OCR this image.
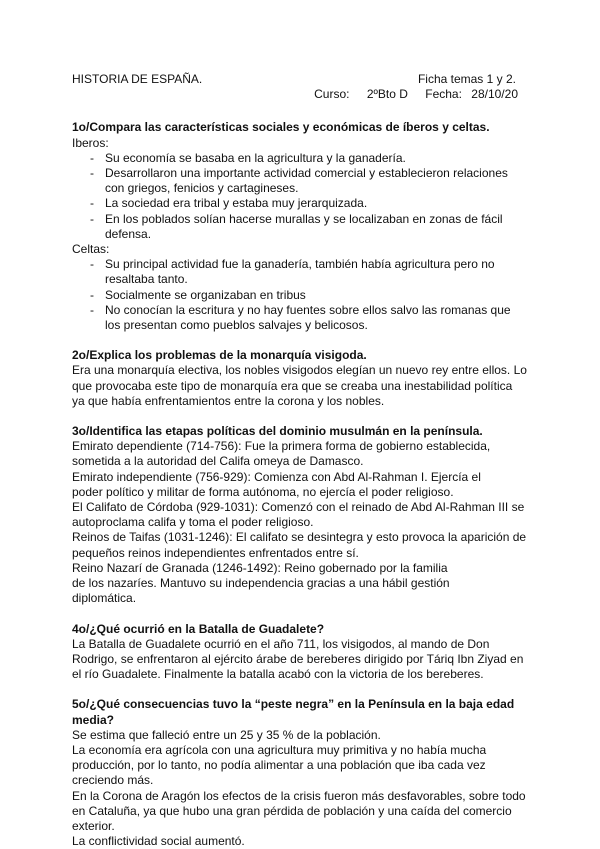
HISTORIA DE ESPAÑA.	Ficha temas 1 y 2.
Curso: 2ºBto D Fecha: 28/10/20
1o/Compara las características sociales y económicas de íberos y celtas.
Iberos:
- Su economía se basaba en la agricultura y la ganadería.
- Desarrollaron una importante actividad comercial y establecieron relaciones con griegos, fenicios y cartagineses.
- La sociedad era tribal y estaba muy jerarquizada.
- En los poblados solían hacerse murallas y se localizaban en zonas de fácil defensa.
Celtas:
- Su principal actividad fue la ganadería, también había agricultura pero no resaltaba tanto.
- Socialmente se organizaban en tribus
- No conocían la escritura y no hay fuentes sobre ellos salvo las romanas que los presentan como pueblos salvajes y belicosos.
2o/Explica los problemas de la monarquía visigoda.

Era una monarquía electiva, los nobles visigodos elegían un nuevo rey entre ellos. Lo que provocaba este tipo de monarquía era que se creaba una inestabilidad política ya que había enfrentamientos entre la corona y los nobles.

3o/Identifica las etapas políticas del dominio musulmán en la península.
Emirato dependiente (714-756): Fue la primera forma de gobierno establecida,
sometida a la autoridad del Califa omeya de Damasco.
Emirato independiente (756-929): Comienza con Abd Al-Rahman I. Ejercía el
poder político y militar de forma autónoma, no ejercía el poder religioso.
El Califato de Córdoba (929-1031): Comenzó con el reinado de Abd Al-Rahman III se
autoproclama califa y toma el poder religioso.
Reinos de Taifas (1031-1246): El califato se desintegra y esto provoca la aparición de
pequeños reinos independientes enfrentados entre sí.
Reino Nazarí de Granada (1246-1492): Reino gobernado por la familia
de los nazaríes. Mantuvo su independencia gracias a una hábil gestión
diplomática.
4o/¿Qué ocurrió en la Batalla de Guadalete?

La Batalla de Guadalete ocurrió en el año 711, los visigodos, al mando de Don Rodrigo, se enfrentaron al ejército árabe de bereberes dirigido por Táriq Ibn Ziyad en el río Guadalete. Finalmente la batalla acabó con la victoria de los bereberes.

5o/¿Qué consecuencias tuvo la “peste negra” en la Península en la baja edad media?

Se estima que falleció entre un 25 y 35 % de la población.

La economía era agrícola con una agricultura muy primitiva y no había mucha producción, por lo tanto, no podía alimentar a una población que iba cada vez creciendo más.

En la Corona de Aragón los efectos de la crisis fueron más desfavorables, sobre todo en Cataluña, ya que hubo una gran pérdida de población y una caída del comercio exterior.

La conflictividad social aumentó.
